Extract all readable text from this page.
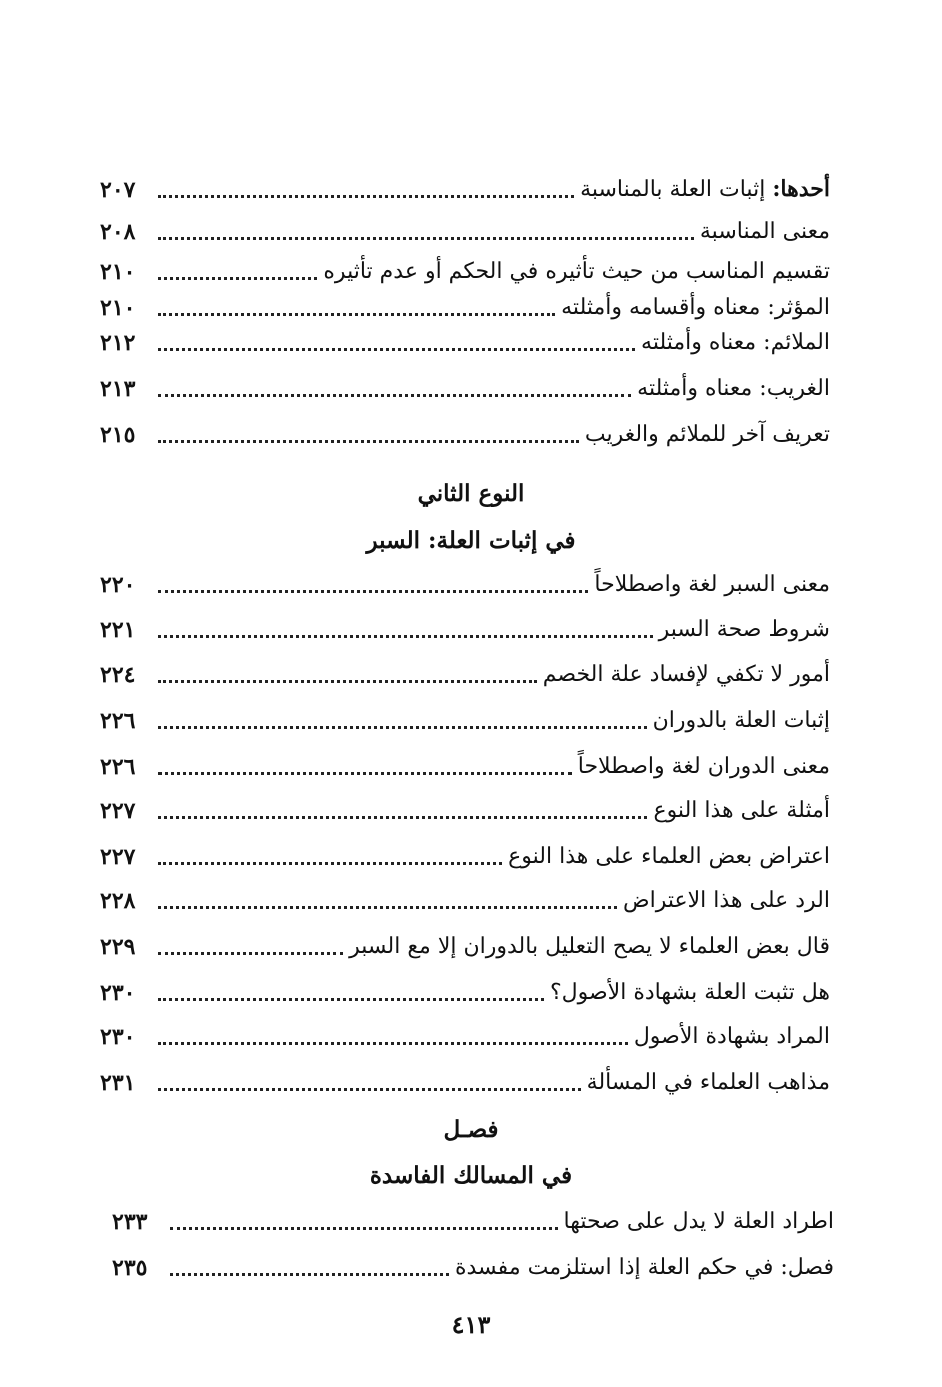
أحدها: إثبات العلة بالمناسبة
٢٠٧
معنى المناسبة
٢٠٨
تقسيم المناسب من حيث تأثيره في الحكم أو عدم تأثيره
٢١٠
المؤثر: معناه وأقسامه وأمثلته
٢١٠
الملائم: معناه وأمثلته
٢١٢
الغريب: معناه وأمثلته
٢١٣
تعريف آخر للملائم والغريب
٢١٥
النوع الثاني
في إثبات العلة: السبر
معنى السبر لغة واصطلاحاً
٢٢٠
شروط صحة السبر
٢٢١
أمور لا تكفي لإفساد علة الخصم
٢٢٤
إثبات العلة بالدوران
٢٢٦
معنى الدوران لغة واصطلاحاً
٢٢٦
أمثلة على هذا النوع
٢٢٧
اعتراض بعض العلماء على هذا النوع
٢٢٧
الرد على هذا الاعتراض
٢٢٨
قال بعض العلماء لا يصح التعليل بالدوران إلا مع السبر
٢٢٩
هل تثبت العلة بشهادة الأصول؟
٢٣٠
المراد بشهادة الأصول
٢٣٠
مذاهب العلماء في المسألة
٢٣١
فصـل
في المسالك الفاسدة
اطراد العلة لا يدل على صحتها
٢٣٣
فصل: في حكم العلة إذا استلزمت مفسدة
٢٣٥
٤١٣
